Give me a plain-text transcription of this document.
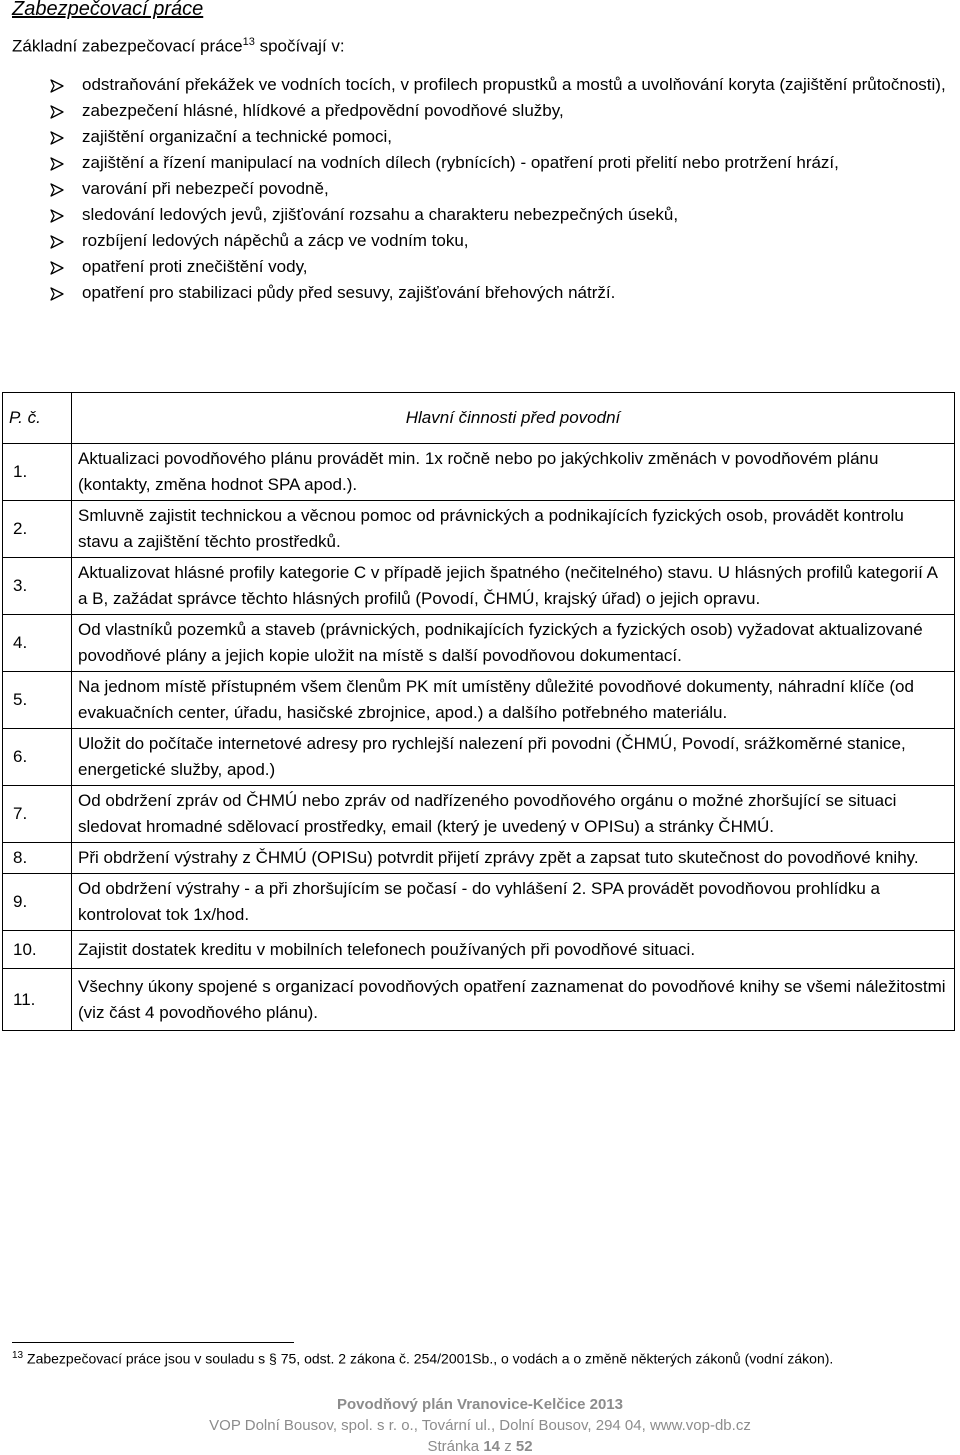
Zabezpečovací práce
Základní zabezpečovací práce$^{13}$ spočívají v:
odstraňování překážek ve vodních tocích, v profilech propustků a mostů a uvolňování koryta (zajištění průtočnosti),
zabezpečení hlásné, hlídkové a předpovědní povodňové služby,
zajištění organizační a technické pomoci,
zajištění a řízení manipulací na vodních dílech (rybnících) - opatření proti přelití nebo protržení hrází,
varování při nebezpečí povodně,
sledování ledových jevů, zjišťování rozsahu a charakteru nebezpečných úseků,
rozbíjení ledových nápěchů a zácp ve vodním toku,
opatření proti znečištění vody,
opatření pro stabilizaci půdy před sesuvy, zajišťování břehových nátrží.
P. č.	Hlavní činnosti před povodní
1.	Aktualizaci povodňového plánu provádět min. 1x ročně nebo po jakýchkoliv změnách v povodňovém plánu (kontakty, změna hodnot SPA apod.).
2.	Smluvně zajistit technickou a věcnou pomoc od právnických a podnikajících fyzických osob, provádět kontrolu stavu a zajištění těchto prostředků.
3.	Aktualizovat hlásné profily kategorie C v případě jejich špatného (nečitelného) stavu. U hlásných profilů kategorií A a B, zažádat správce těchto hlásných profilů (Povodí, ČHMÚ, krajský úřad) o jejich opravu.
4.	Od vlastníků pozemků a staveb (právnických, podnikajících fyzických a fyzických osob) vyžadovat aktualizované povodňové plány a jejich kopie uložit na místě s další povodňovou dokumentací.
5.	Na jednom místě přístupném všem členům PK mít umístěny důležité povodňové dokumenty, náhradní klíče (od evakuačních center, úřadu, hasičské zbrojnice, apod.) a dalšího potřebného materiálu.
6.	Uložit do počítače internetové adresy pro rychlejší nalezení při povodni (ČHMÚ, Povodí, srážkoměrné stanice, energetické služby, apod.)
7.	Od obdržení zpráv od ČHMÚ nebo zpráv od nadřízeného povodňového orgánu o možné zhoršující se situaci sledovat hromadné sdělovací prostředky, email (který je uvedený v OPISu) a stránky ČHMÚ.
8.	Při obdržení výstrahy z ČHMÚ (OPISu) potvrdit přijetí zprávy zpět a zapsat tuto skutečnost do povodňové knihy.
9.	Od obdržení výstrahy - a při zhoršujícím se počasí - do vyhlášení 2. SPA provádět povodňovou prohlídku a kontrolovat tok 1x/hod.
10.	Zajistit dostatek kreditu v mobilních telefonech používaných při povodňové situaci.
11.	Všechny úkony spojené s organizací povodňových opatření zaznamenat do povodňové knihy se všemi náležitostmi (viz část 4 povodňového plánu).
$^{13}$ Zabezpečovací práce jsou v souladu s § 75, odst. 2 zákona č. 254/2001Sb., o vodách a o změně některých zákonů (vodní zákon).
Povodňový plán Vranovice-Kelčice 2013
VOP Dolní Bousov, spol. s r. o., Tovární ul., Dolní Bousov, 294 04, www.vop-db.cz
Stránka 14 z 52
